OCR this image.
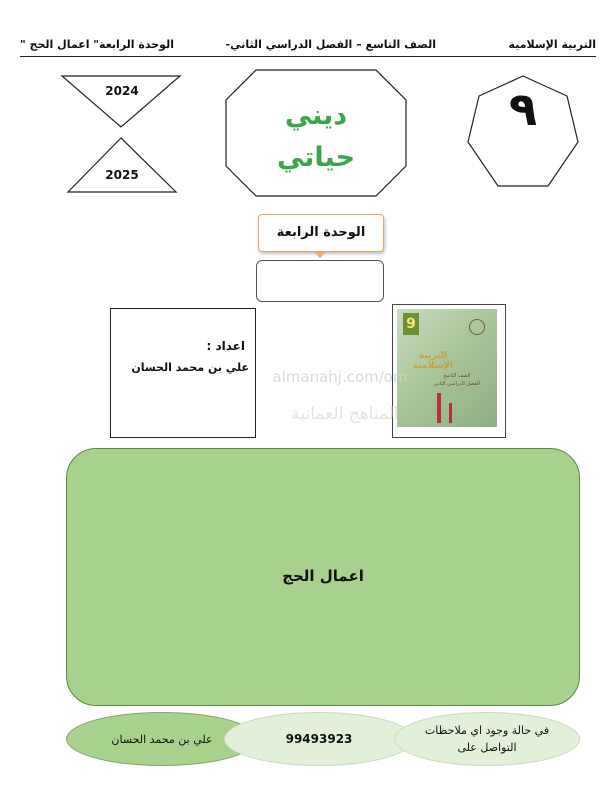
التربية الإسلامية
الصف التاسع – الفصل الدراسي الثاني-
الوحدة الرابعة" اعمال الحج "
2024
2025
ديني
حياتي
٩
الوحدة الرابعة
اعداد :
علي بن محمد الحسان
9
التربية الإسلامية
الصف التاسع
الفصل الدراسي الثاني
almanahj.com/om
المناهج العمانية
اعمال الحج
علي بن محمد الحسان	99493923
في حالة وجود اي ملاحظات
التواصل على
